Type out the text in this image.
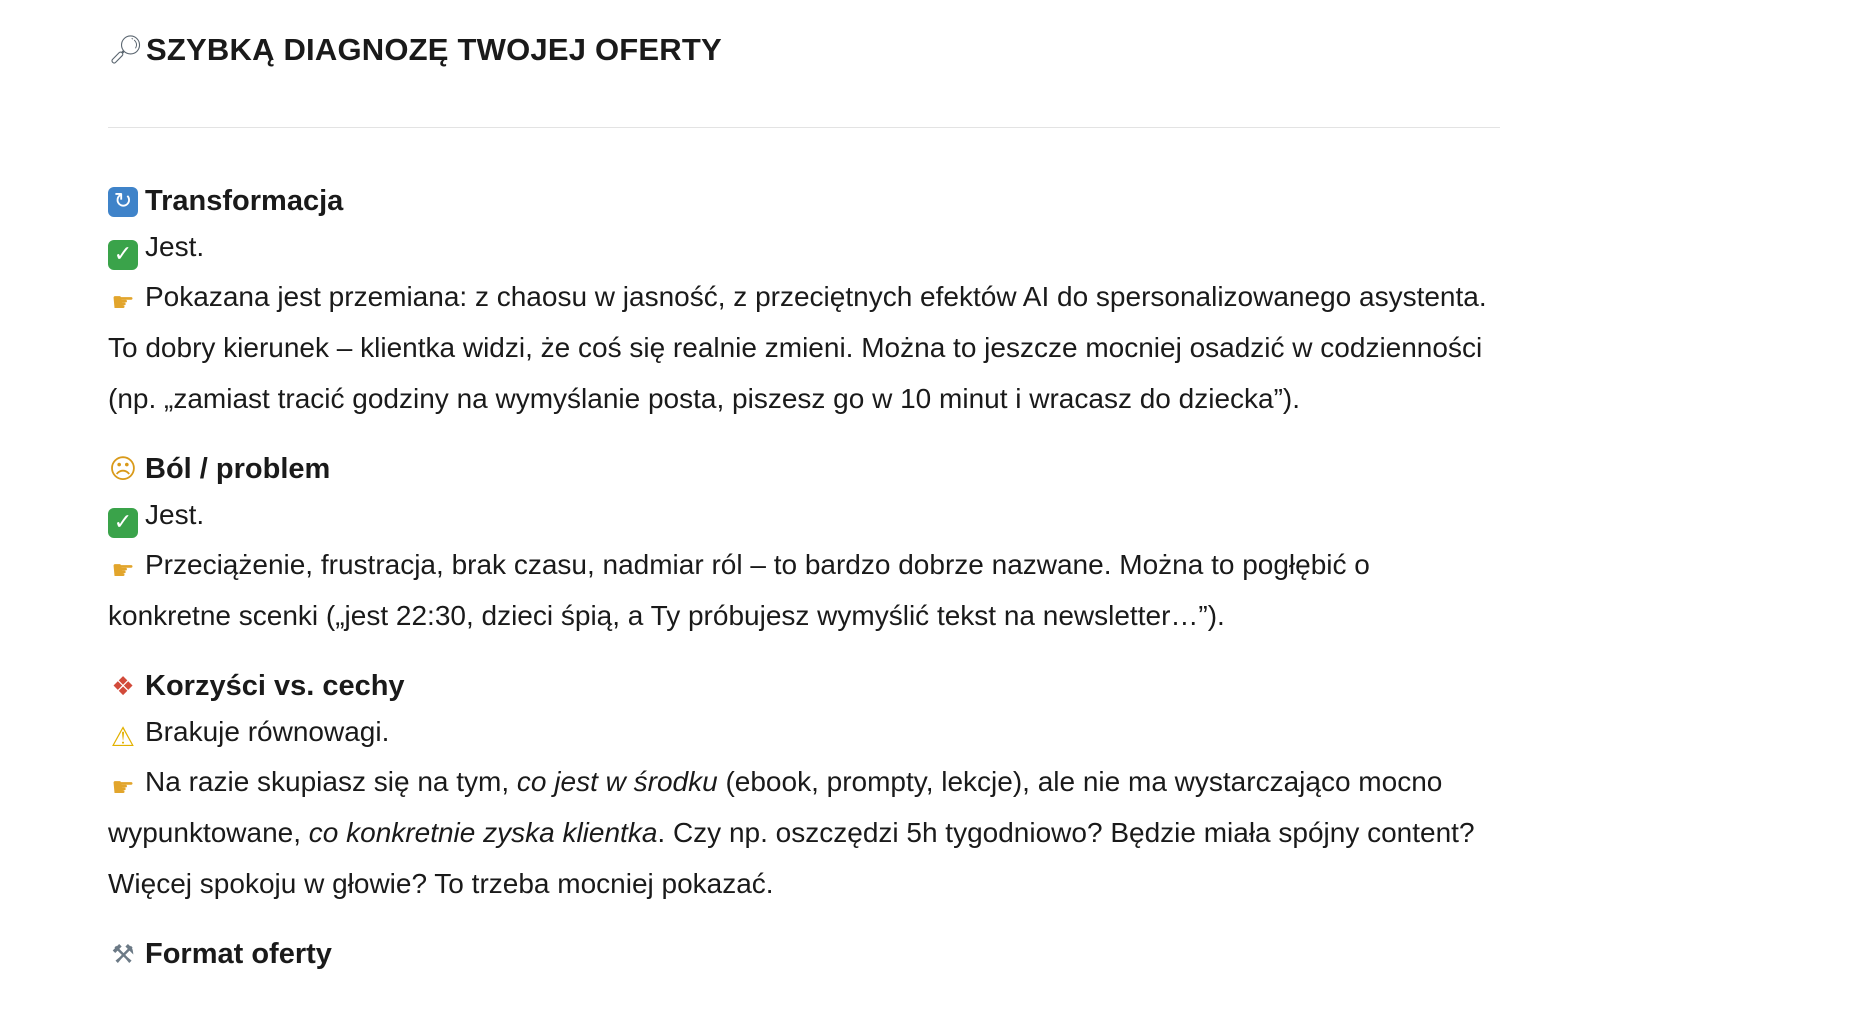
🔎︎ SZYBKĄ DIAGNOZĘ TWOJEJ OFERTY
↻ Transformacja

✓ Jest.

☛ Pokazana jest przemiana: z chaosu w jasność, z przeciętnych efektów AI do spersonalizowanego asystenta. To dobry kierunek – klientka widzi, że coś się realnie zmieni. Można to jeszcze mocniej osadzić w codzienności (np. „zamiast tracić godziny na wymyślanie posta, piszesz go w 10 minut i wracasz do dziecka”).

☹ Ból / problem

✓ Jest.

☛ Przeciążenie, frustracja, brak czasu, nadmiar ról – to bardzo dobrze nazwane. Można to pogłębić o konkretne scenki („jest 22:30, dzieci śpią, a Ty próbujesz wymyślić tekst na newsletter…”).

❖ Korzyści vs. cechy

⚠ Brakuje równowagi.

☛ Na razie skupiasz się na tym, co jest w środku (ebook, prompty, lekcje), ale nie ma wystarczająco mocno wypunktowane, co konkretnie zyska klientka. Czy np. oszczędzi 5h tygodniowo? Będzie miała spójny content? Więcej spokoju w głowie? To trzeba mocniej pokazać.

⚒ Format oferty
